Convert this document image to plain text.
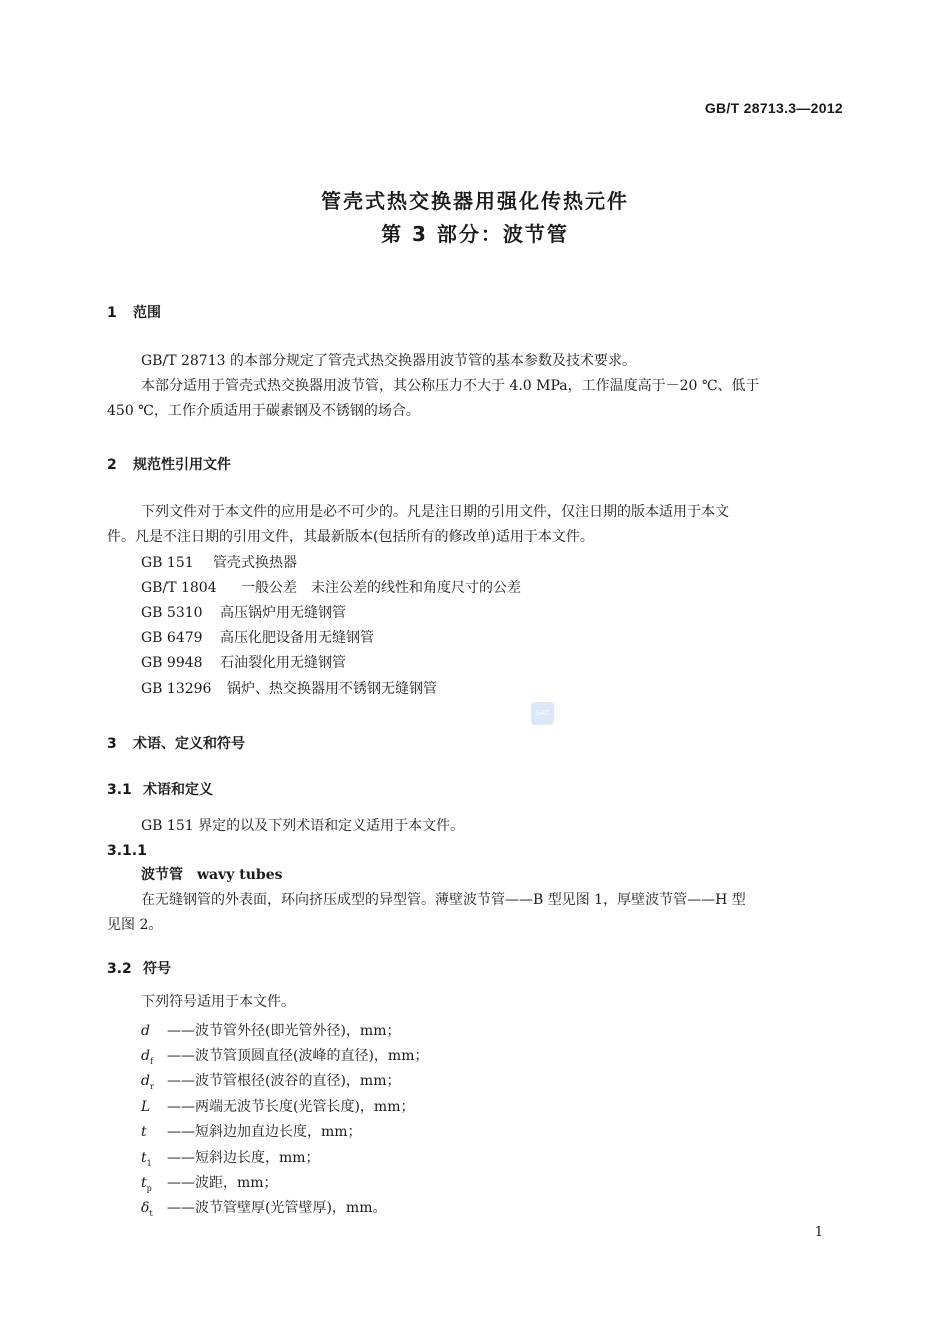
GB/T 28713.3—2012
管壳式热交换器用强化传热元件
第 3 部分：波节管
1 范围
GB/T 28713 的本部分规定了管壳式热交换器用波节管的基本参数及技术要求。
本部分适用于管壳式热交换器用波节管，其公称压力不大于 4.0 MPa，工作温度高于－20 ℃、低于
450 ℃，工作介质适用于碳素钢及不锈钢的场合。
2 规范性引用文件
下列文件对于本文件的应用是必不可少的。凡是注日期的引用文件，仅注日期的版本适用于本文
件。凡是不注日期的引用文件，其最新版本(包括所有的修改单)适用于本文件。
GB 151 管壳式换热器
GB/T 1804 一般公差　未注公差的线性和角度尺寸的公差
GB 5310 高压锅炉用无缝钢管
GB 6479 高压化肥设备用无缝钢管
GB 9948 石油裂化用无缝钢管
GB 13296 锅炉、热交换器用不锈钢无缝钢管
SAC
3 术语、定义和符号
3.1 术语和定义
GB 151 界定的以及下列术语和定义适用于本文件。
3.1.1
波节管 wavy tubes
在无缝钢管的外表面，环向挤压成型的异型管。薄壁波节管——B 型见图 1，厚壁波节管——H 型
见图 2。
3.2 符号
下列符号适用于本文件。
d ——波节管外径(即光管外径)，mm；
$d_f$ ——波节管顶圆直径(波峰的直径)，mm；
$d_r$ ——波节管根径(波谷的直径)，mm；
L ——两端无波节长度(光管长度)，mm；
t ——短斜边加直边长度，mm；
$t_1$ ——短斜边长度，mm；
$t_p$ ——波距，mm；
$\delta_t$ ——波节管壁厚(光管壁厚)，mm。
1
